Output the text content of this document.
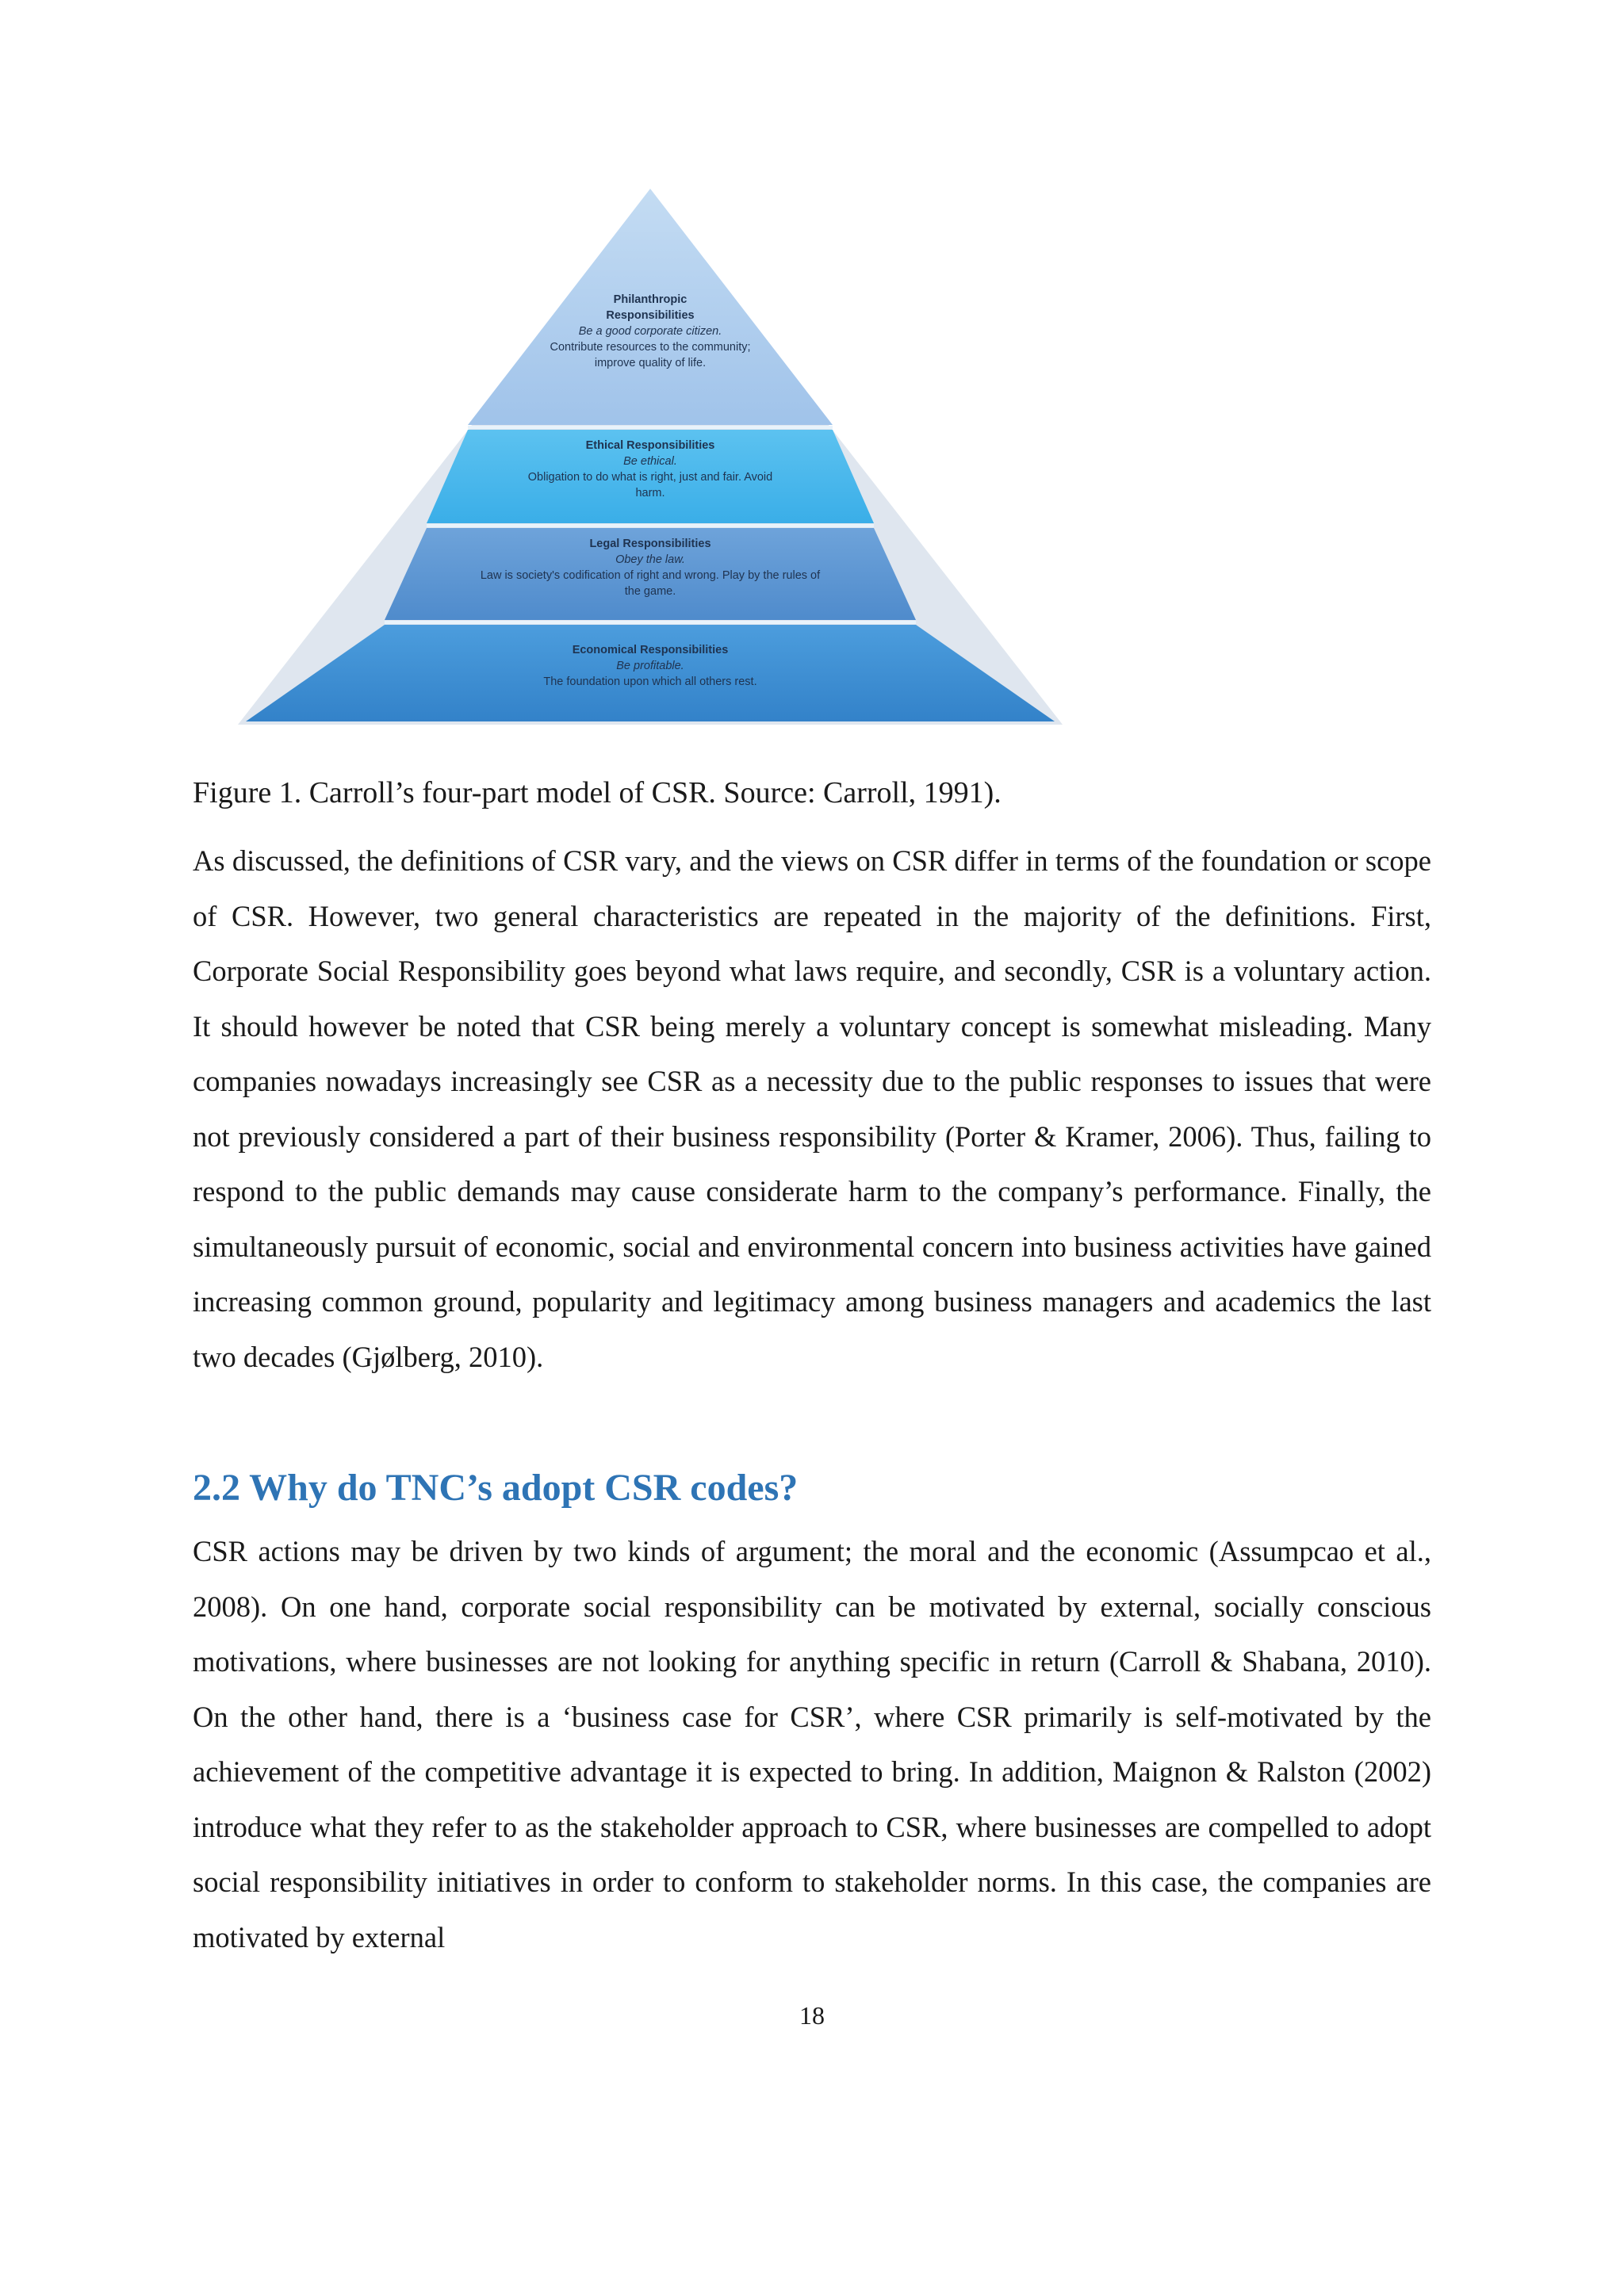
Philanthropic
Responsibilities
Be a good corporate citizen.
Contribute resources to the community;
improve quality of life.
Ethical Responsibilities
Be ethical.
Obligation to do what is right, just and fair. Avoid
harm.
Legal Responsibilities
Obey the law.
Law is society's codification of right and wrong. Play by the rules of
the game.
Economical Responsibilities
Be profitable.
The foundation upon which all others rest.
Figure 1. Carroll’s four-part model of CSR. Source: Carroll, 1991).

As discussed, the definitions of CSR vary, and the views on CSR differ in terms of the foundation or scope of CSR. However, two general characteristics are repeated in the majority of the definitions. First, Corporate Social Responsibility goes beyond what laws require, and secondly, CSR is a voluntary action. It should however be noted that CSR being merely a voluntary concept is somewhat misleading. Many companies nowadays increasingly see CSR as a necessity due to the public responses to issues that were not previously considered a part of their business responsibility (Porter & Kramer, 2006). Thus, failing to respond to the public demands may cause considerate harm to the company’s performance. Finally, the simultaneously pursuit of economic, social and environmental concern into business activities have gained increasing common ground, popularity and legitimacy among business managers and academics the last two decades (Gjølberg, 2010).

2.2 Why do TNC’s adopt CSR codes?

CSR actions may be driven by two kinds of argument; the moral and the economic (Assumpcao et al., 2008). On one hand, corporate social responsibility can be motivated by external, socially conscious motivations, where businesses are not looking for anything specific in return (Carroll & Shabana, 2010). On the other hand, there is a ‘business case for CSR’, where CSR primarily is self-motivated by the achievement of the competitive advantage it is expected to bring. In addition, Maignon & Ralston (2002) introduce what they refer to as the stakeholder approach to CSR, where businesses are compelled to adopt social responsibility initiatives in order to conform to stakeholder norms. In this case, the companies are motivated by external

18
